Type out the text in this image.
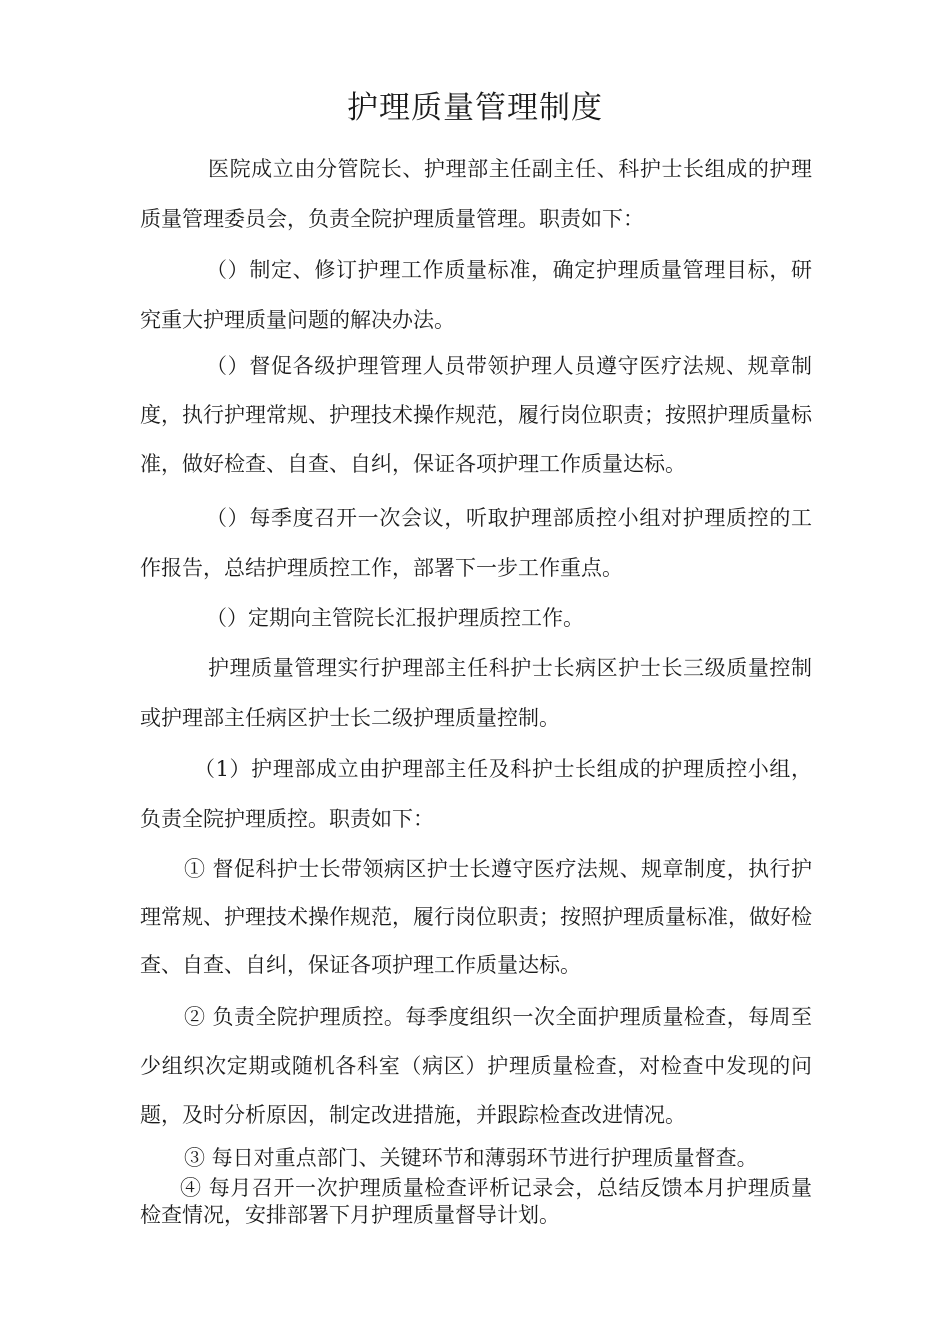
护理质量管理制度

医院成立由分管院长、护理部主任副主任、科护士长组成的护理质量管理委员会，负责全院护理质量管理。职责如下：

（）制定、修订护理工作质量标准，确定护理质量管理目标，研究重大护理质量问题的解决办法。

（）督促各级护理管理人员带领护理人员遵守医疗法规、规章制度，执行护理常规、护理技术操作规范，履行岗位职责；按照护理质量标准，做好检查、自查、自纠，保证各项护理工作质量达标。

（）每季度召开一次会议，听取护理部质控小组对护理质控的工作报告，总结护理质控工作，部署下一步工作重点。

（）定期向主管院长汇报护理质控工作。

护理质量管理实行护理部主任科护士长病区护士长三级质量控制或护理部主任病区护士长二级护理质量控制。

（1）护理部成立由护理部主任及科护士长组成的护理质控小组，负责全院护理质控。职责如下：

① 督促科护士长带领病区护士长遵守医疗法规、规章制度，执行护理常规、护理技术操作规范，履行岗位职责；按照护理质量标准，做好检查、自查、自纠，保证各项护理工作质量达标。

② 负责全院护理质控。每季度组织一次全面护理质量检查，每周至少组织次定期或随机各科室（病区）护理质量检查，对检查中发现的问题，及时分析原因，制定改进措施，并跟踪检查改进情况。

③ 每日对重点部门、关键环节和薄弱环节进行护理质量督查。

④ 每月召开一次护理质量检查评析记录会，总结反馈本月护理质量检查情况，安排部署下月护理质量督导计划。
